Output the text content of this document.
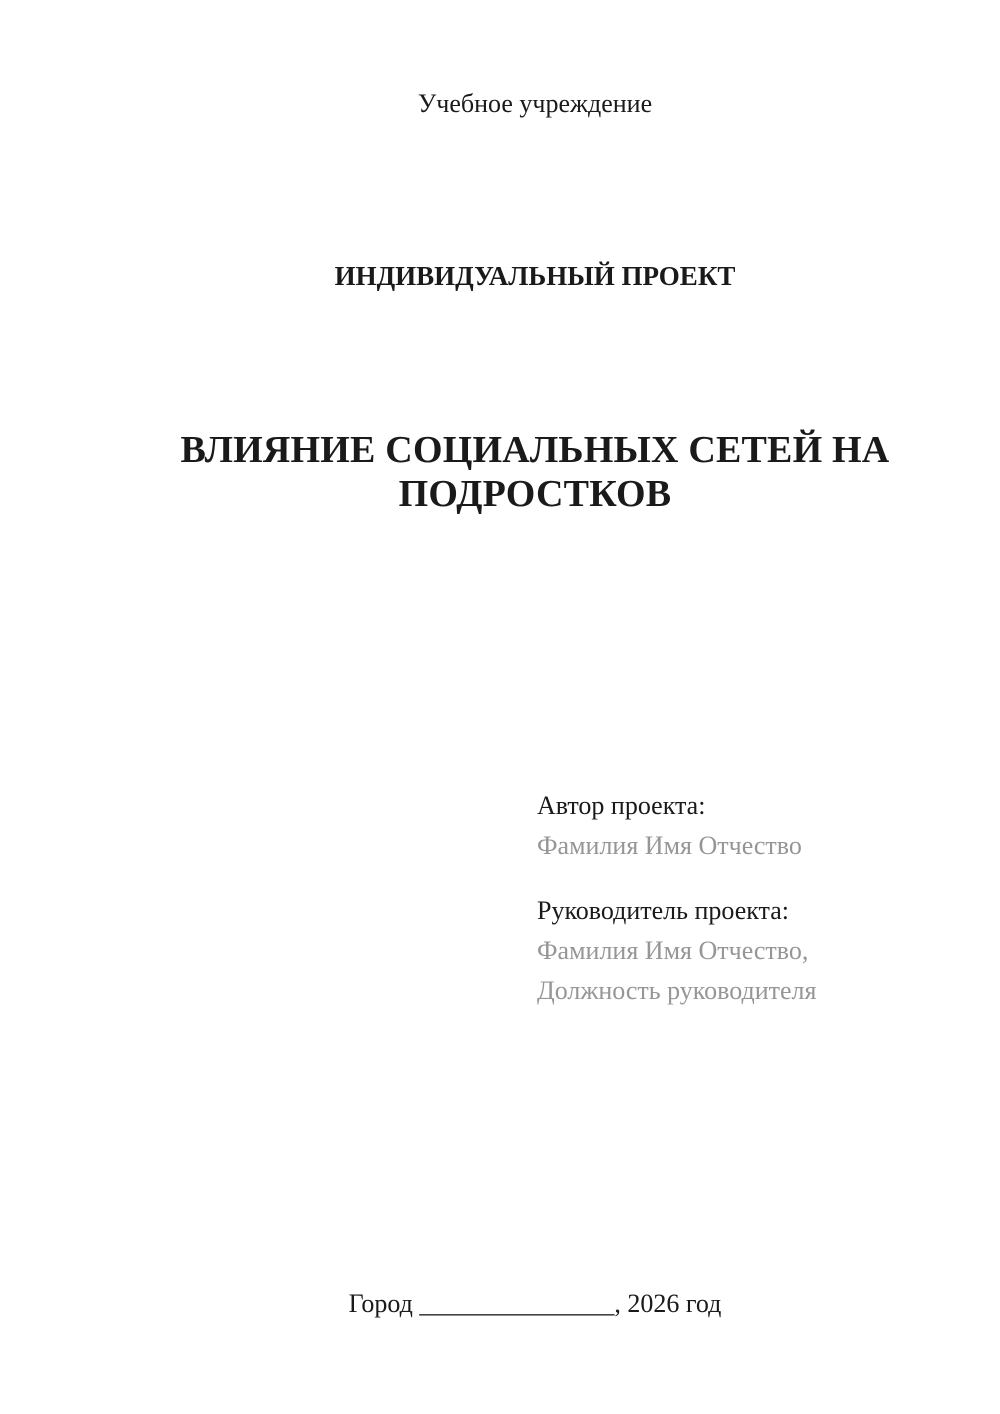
Учебное учреждение
ИНДИВИДУАЛЬНЫЙ ПРОЕКТ
ВЛИЯНИЕ СОЦИАЛЬНЫХ СЕТЕЙ НА ПОДРОСТКОВ
Автор проекта:
Фамилия Имя Отчество
Руководитель проекта:
Фамилия Имя Отчество,
Должность руководителя
Город _______________, 2026 год
